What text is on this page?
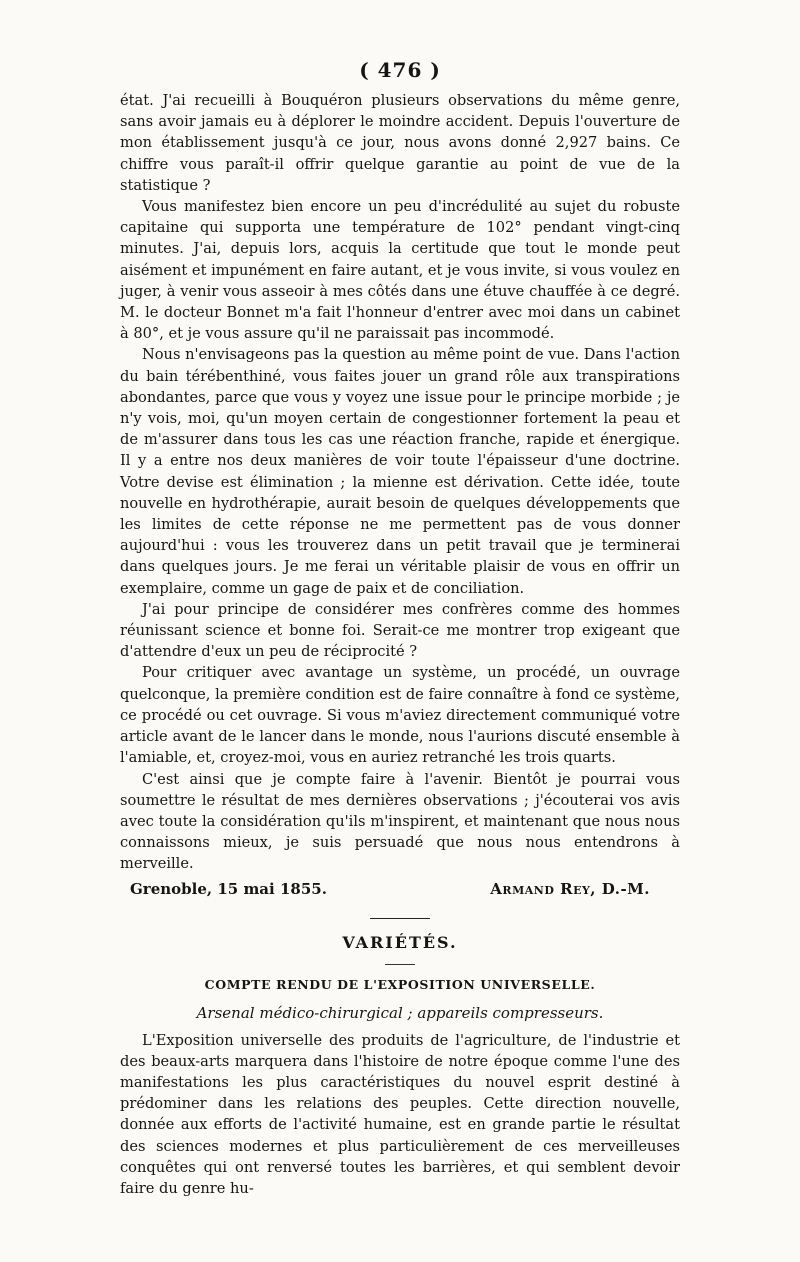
( 476 )

état. J'ai recueilli à Bouquéron plusieurs observations du même genre, sans avoir jamais eu à déplorer le moindre accident. Depuis l'ouverture de mon établissement jusqu'à ce jour, nous avons donné 2,927 bains. Ce chiffre vous paraît-il offrir quelque garantie au point de vue de la statistique ?

Vous manifestez bien encore un peu d'incrédulité au sujet du robuste capitaine qui supporta une température de 102° pendant vingt-cinq minutes. J'ai, depuis lors, acquis la certitude que tout le monde peut aisément et impunément en faire autant, et je vous invite, si vous voulez en juger, à venir vous asseoir à mes côtés dans une étuve chauffée à ce degré. M. le docteur Bonnet m'a fait l'honneur d'entrer avec moi dans un cabinet à 80°, et je vous assure qu'il ne paraissait pas incommodé.

Nous n'envisageons pas la question au même point de vue. Dans l'action du bain térébenthiné, vous faites jouer un grand rôle aux transpirations abondantes, parce que vous y voyez une issue pour le principe morbide ; je n'y vois, moi, qu'un moyen certain de congestionner fortement la peau et de m'assurer dans tous les cas une réaction franche, rapide et énergique. Il y a entre nos deux manières de voir toute l'épaisseur d'une doctrine. Votre devise est élimination ; la mienne est dérivation. Cette idée, toute nouvelle en hydrothérapie, aurait besoin de quelques développements que les limites de cette réponse ne me permettent pas de vous donner aujourd'hui : vous les trouverez dans un petit travail que je terminerai dans quelques jours. Je me ferai un véritable plaisir de vous en offrir un exemplaire, comme un gage de paix et de conciliation.

J'ai pour principe de considérer mes confrères comme des hommes réunissant science et bonne foi. Serait-ce me montrer trop exigeant que d'attendre d'eux un peu de réciprocité ?

Pour critiquer avec avantage un système, un procédé, un ouvrage quelconque, la première condition est de faire connaître à fond ce système, ce procédé ou cet ouvrage. Si vous m'aviez directement communiqué votre article avant de le lancer dans le monde, nous l'aurions discuté ensemble à l'amiable, et, croyez-moi, vous en auriez retranché les trois quarts.

C'est ainsi que je compte faire à l'avenir. Bientôt je pourrai vous soumettre le résultat de mes dernières observations ; j'écouterai vos avis avec toute la considération qu'ils m'inspirent, et maintenant que nous nous connaissons mieux, je suis persuadé que nous nous entendrons à merveille.

Grenoble, 15 mai 1855.	Armand Rey, D.-M.
VARIÉTÉS.
COMPTE RENDU DE L'EXPOSITION UNIVERSELLE.
Arsenal médico-chirurgical ; appareils compresseurs.

L'Exposition universelle des produits de l'agriculture, de l'industrie et des beaux-arts marquera dans l'histoire de notre époque comme l'une des manifestations les plus caractéristiques du nouvel esprit destiné à prédominer dans les relations des peuples. Cette direction nouvelle, donnée aux efforts de l'activité humaine, est en grande partie le résultat des sciences modernes et plus particulièrement de ces merveilleuses conquêtes qui ont renversé toutes les barrières, et qui semblent devoir faire du genre hu-
